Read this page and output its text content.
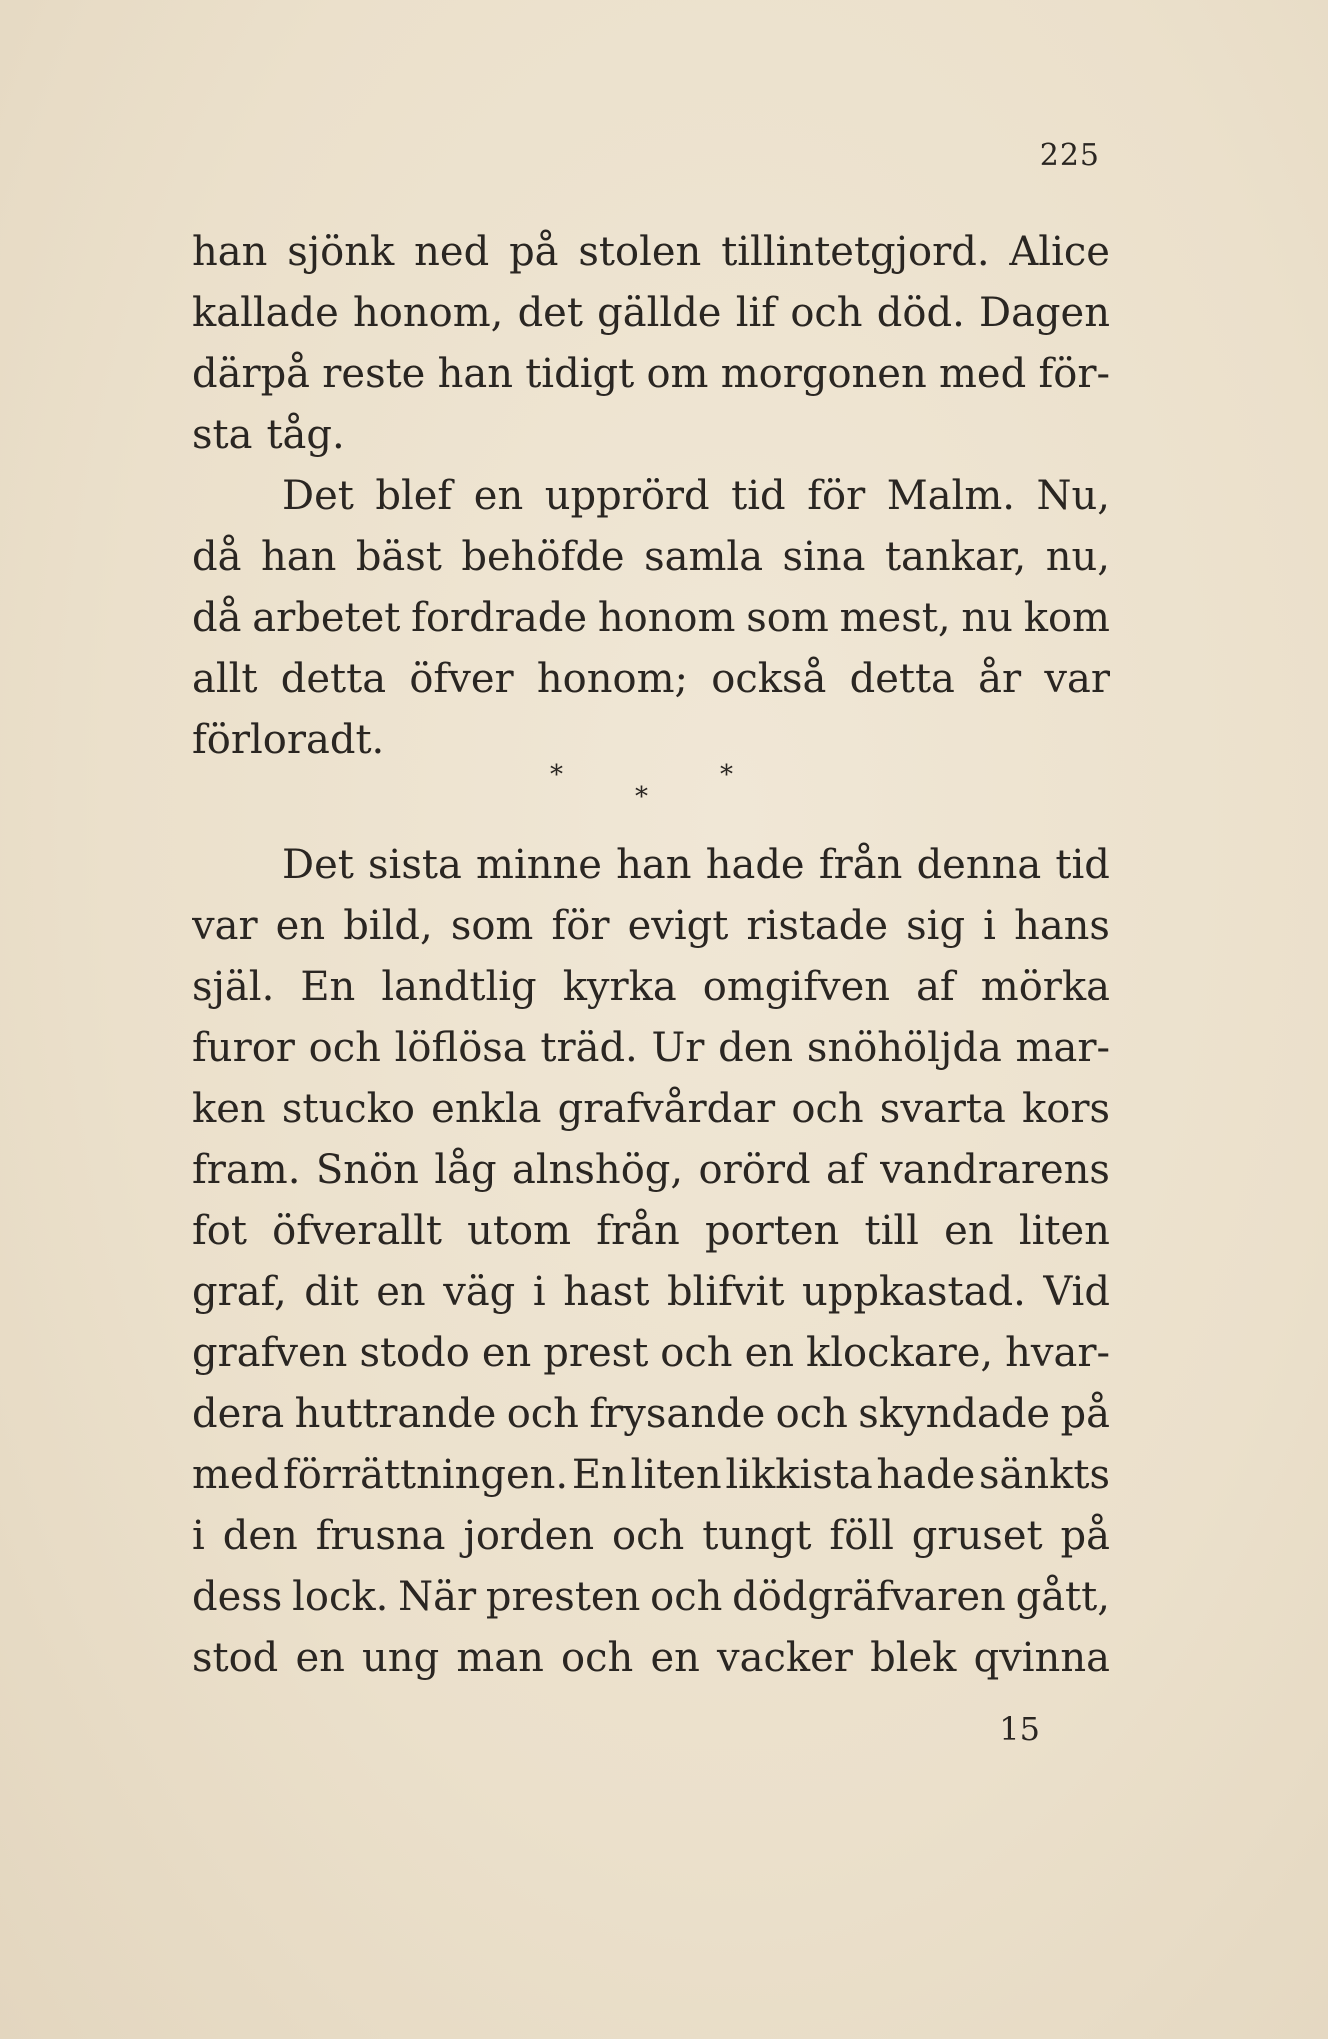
225
han sjönk ned på stolen tillintetgjord. Alice
kallade honom, det gällde lif och död. Dagen
därpå reste han tidigt om morgonen med för-
sta tåg.
Det blef en upprörd tid för Malm. Nu,
då han bäst behöfde samla sina tankar, nu,
då arbetet fordrade honom som mest, nu kom
allt detta öfver honom; också detta år var
förloradt.
*
*
*
Det sista minne han hade från denna tid
var en bild, som för evigt ristade sig i hans
själ. En landtlig kyrka omgifven af mörka
furor och löflösa träd. Ur den snöhöljda mar-
ken stucko enkla grafvårdar och svarta kors
fram. Snön låg alnshög, orörd af vandrarens
fot öfverallt utom från porten till en liten
graf, dit en väg i hast blifvit uppkastad. Vid
grafven stodo en prest och en klockare, hvar-
dera huttrande och frysande och skyndade på
med förrättningen. En liten likkista hade sänkts
i den frusna jorden och tungt föll gruset på
dess lock. När presten och dödgräfvaren gått,
stod en ung man och en vacker blek qvinna
15
